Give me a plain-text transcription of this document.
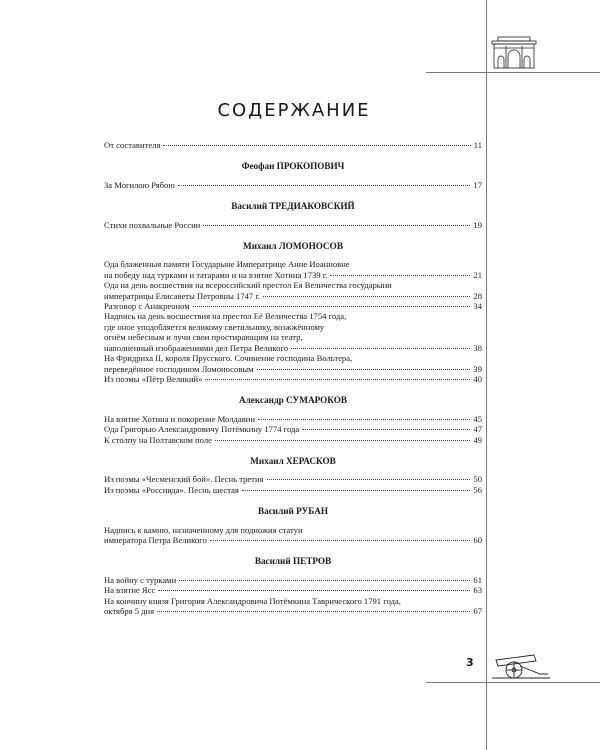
3
СОДЕРЖАНИЕ
От составителя	11
Феофан ПРОКОПОВИЧ
За Могилою Рябою	17
Василий ТРЕДИАКОВСКИЙ
Стихи похвальные России	19
Михаил ЛОМОНОСОВ
Ода блаженныя памяти Государыне Императрице Анне Иоанновне
на победу над турками и татарами и на взятие Хотина 1739 г.	21
Ода на день восшествия на всероссийский престол Ея Величества государыни
императрицы Елисаветы Петровны 1747 г.	28
Разговор с Анакреоном	34
Надпись на день восшествия на престол Её Величества 1754 года,
где оное уподобляется великому светильнику, возжжённому
огнём небесным и лучи свои простирающим на театр,
наполненный изображениями дел Петра Великого	38
На Фридриха II, короля Прусского. Сочинение господина Вольтера,
переведённое господином Ломоносовым	39
Из поэмы «Пётр Великий»	40
Александр СУМАРОКОВ
На взятие Хотина и покорение Молдавии	45
Ода Григорью Александровичу Потёмкину 1774 года	47
К столпу на Полтавском поле	49
Михаил ХЕРАСКОВ
Из поэмы «Чесменский бой». Песнь третия	50
Из поэмы «Россияда». Песнь шестая	56
Василий РУБАН
Надпись к камню, назначенному для подножия статуи
императора Петра Великого	60
Василий ПЕТРОВ
На войну с турками	61
На взятие Ясс	63
На кончину князя Григория Александровича Потёмкина Таврического 1791 года,
октября 5 дня	67
